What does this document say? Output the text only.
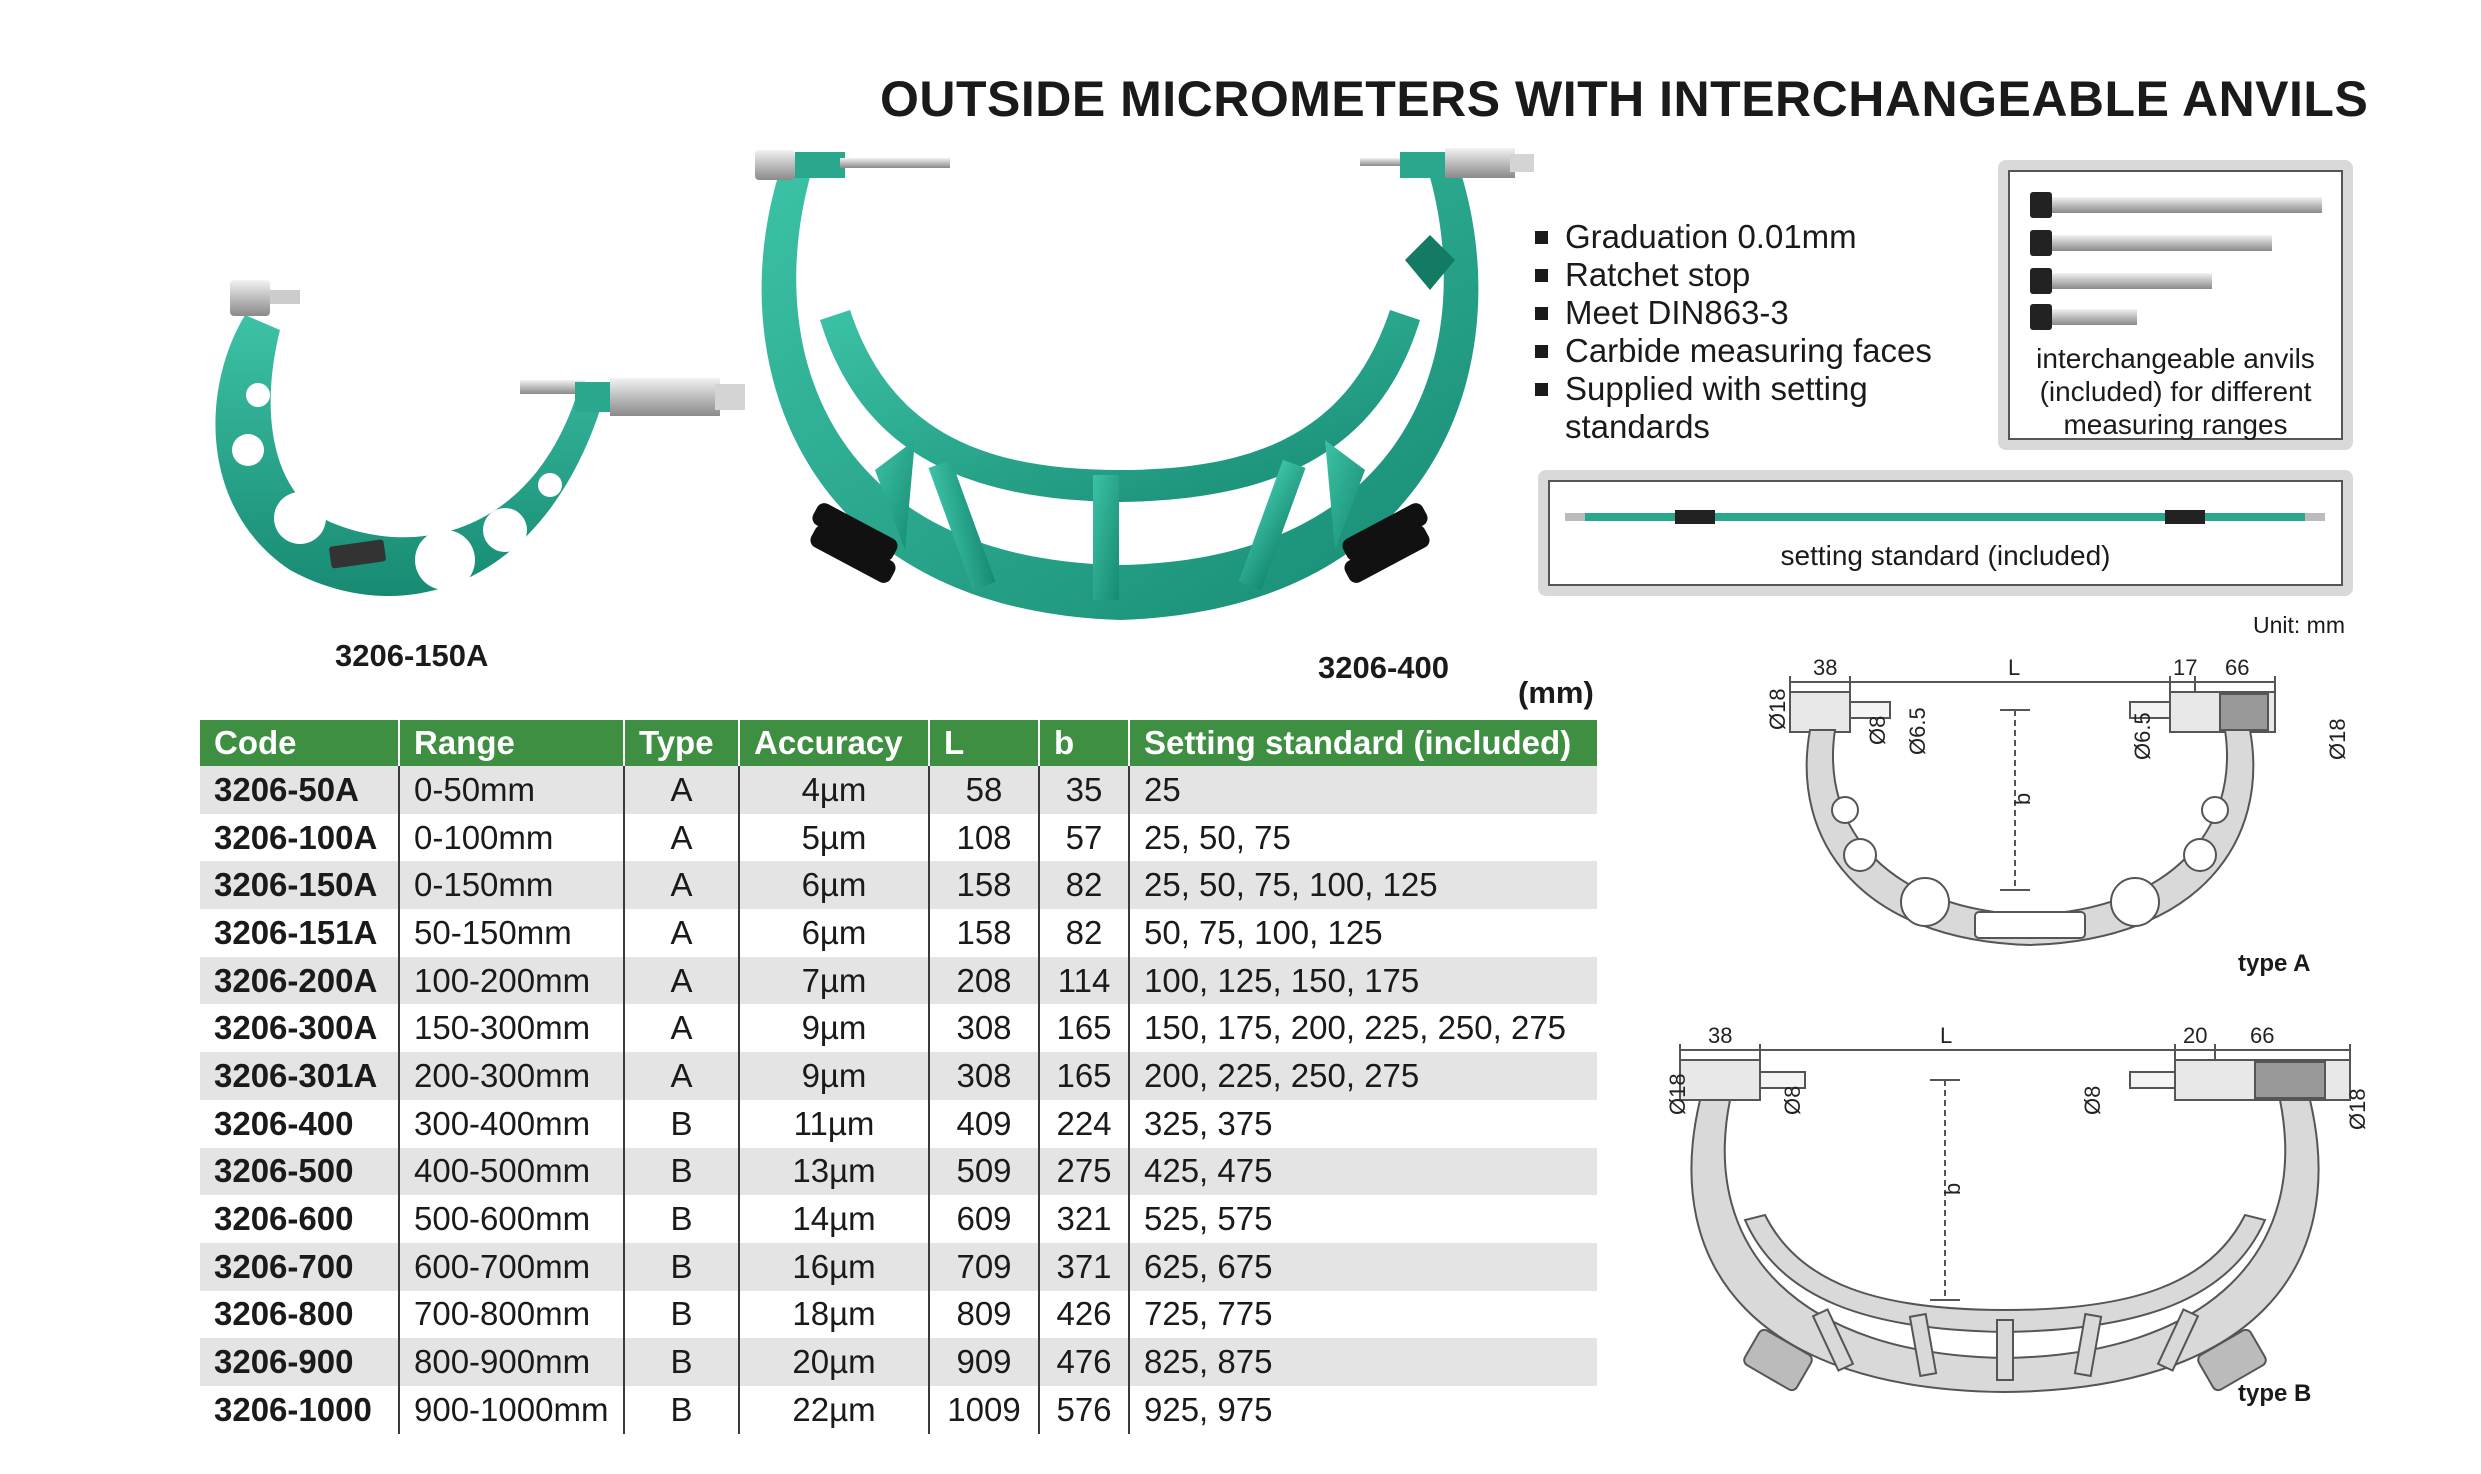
OUTSIDE MICROMETERS WITH INTERCHANGEABLE ANVILS
3206-150A	3206-400
Graduation 0.01mm
Ratchet stop
Meet DIN863-3
Carbide measuring faces
Supplied with setting
standards
interchangeable anvils
(included) for different
measuring ranges
setting standard (included)
Unit: mm
(mm)
Code	Range	Type	Accuracy	L	b	Setting standard (included)
3206-50A	0-50mm	A	4µm	58	35	25
3206-100A	0-100mm	A	5µm	108	57	25, 50, 75
3206-150A	0-150mm	A	6µm	158	82	25, 50, 75, 100, 125
3206-151A	50-150mm	A	6µm	158	82	50, 75, 100, 125
3206-200A	100-200mm	A	7µm	208	114	100, 125, 150, 175
3206-300A	150-300mm	A	9µm	308	165	150, 175, 200, 225, 250, 275
3206-301A	200-300mm	A	9µm	308	165	200, 225, 250, 275
3206-400	300-400mm	B	11µm	409	224	325, 375
3206-500	400-500mm	B	13µm	509	275	425, 475
3206-600	500-600mm	B	14µm	609	321	525, 575
3206-700	600-700mm	B	16µm	709	371	625, 675
3206-800	700-800mm	B	18µm	809	426	725, 775
3206-900	800-900mm	B	20µm	909	476	825, 875
3206-1000	900-1000mm	B	22µm	1009	576	925, 975
38	L	17 66
b
Ø18
Ø8 Ø6.5	Ø6.5	Ø18
type A
38	L	20 66
b
Ø18	Ø8	Ø8	Ø18
type B
